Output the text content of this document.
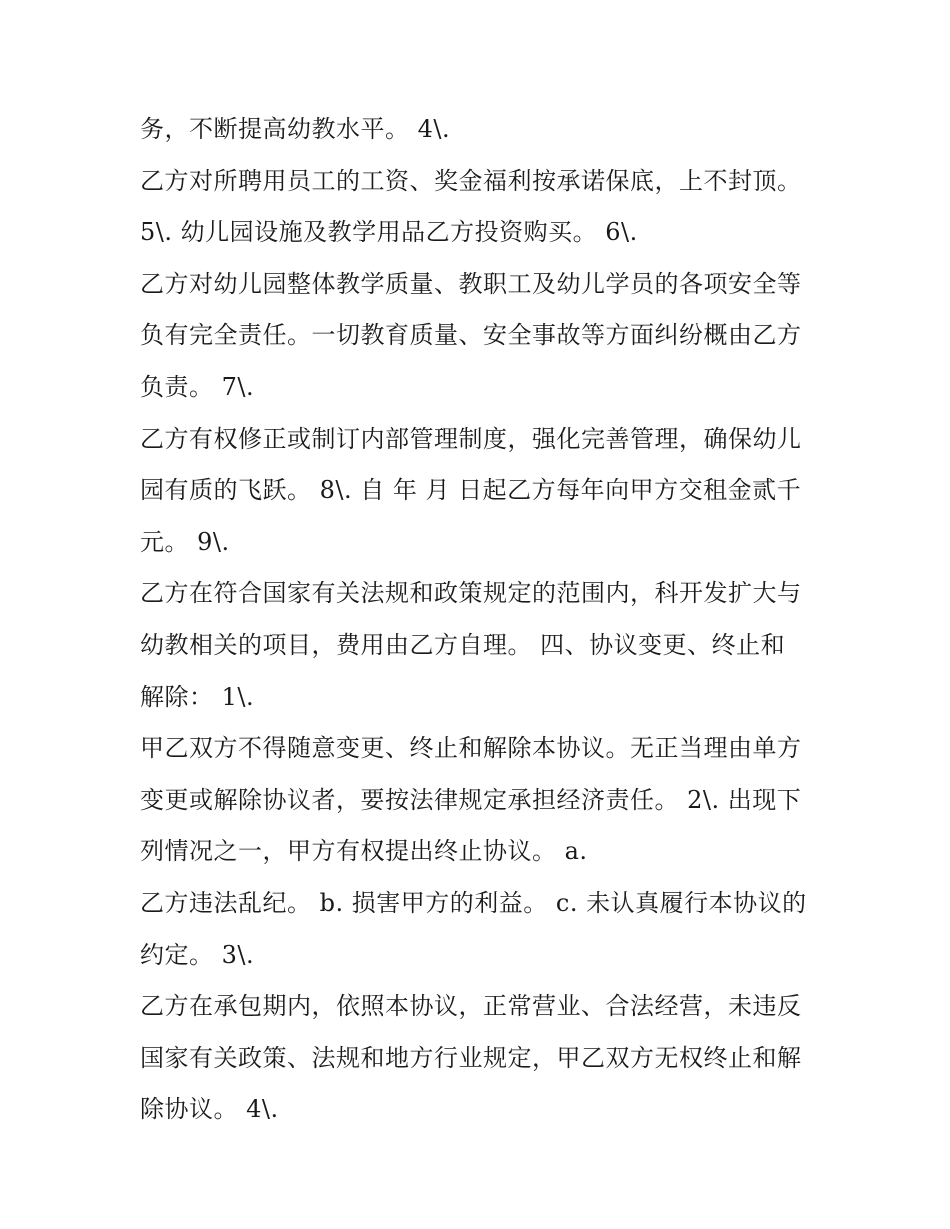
务，不断提高幼教水平。 4\.
乙方对所聘用员工的工资、奖金福利按承诺保底，上不封顶。
5\. 幼儿园设施及教学用品乙方投资购买。 6\.
乙方对幼儿园整体教学质量、教职工及幼儿学员的各项安全等
负有完全责任。一切教育质量、安全事故等方面纠纷概由乙方
负责。 7\.
乙方有权修正或制订内部管理制度，强化完善管理，确保幼儿
园有质的飞跃。 8\. 自 年 月 日起乙方每年向甲方交租金贰千
元。 9\.
乙方在符合国家有关法规和政策规定的范围内，科开发扩大与
幼教相关的项目，费用由乙方自理。 四、协议变更、终止和
解除： 1\.
甲乙双方不得随意变更、终止和解除本协议。无正当理由单方
变更或解除协议者，要按法律规定承担经济责任。 2\. 出现下
列情况之一，甲方有权提出终止协议。 a.
乙方违法乱纪。 b. 损害甲方的利益。 c. 未认真履行本协议的
约定。 3\.
乙方在承包期内，依照本协议，正常营业、合法经营，未违反
国家有关政策、法规和地方行业规定，甲乙双方无权终止和解
除协议。 4\.
